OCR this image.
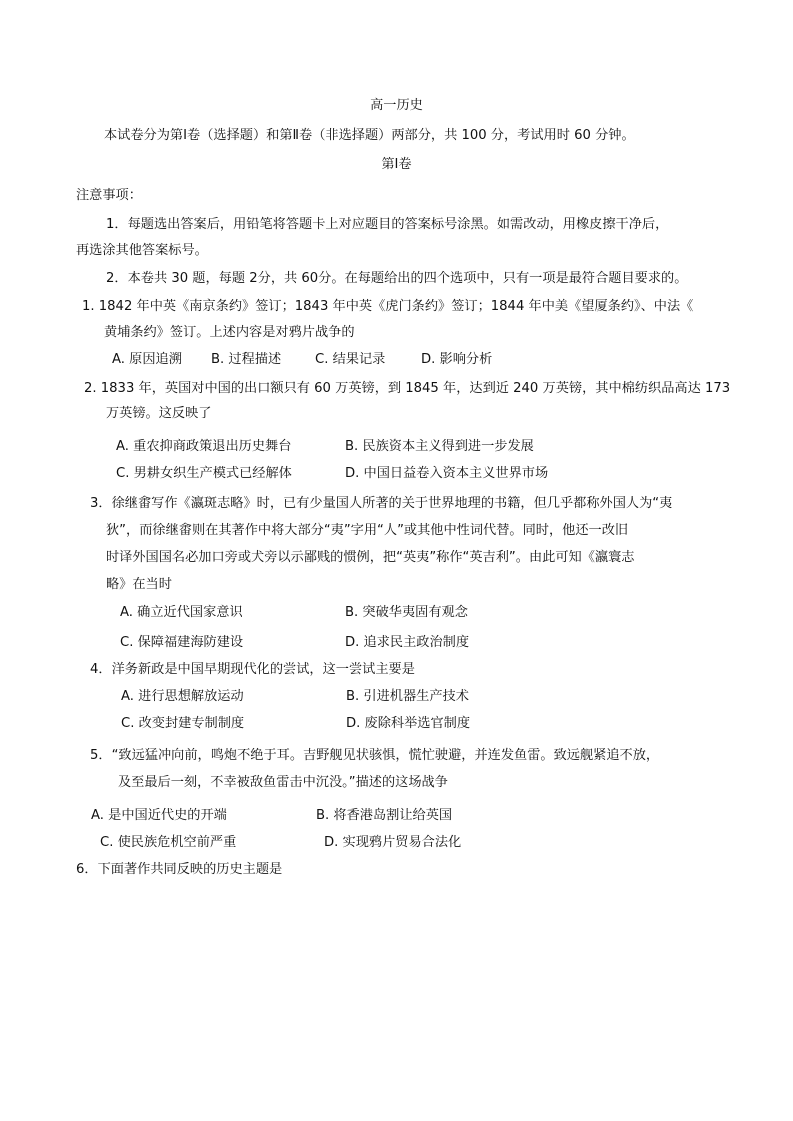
高一历史
本试卷分为第Ⅰ卷（选择题）和第Ⅱ卷（非选择题）两部分，共 100 分，考试用时 60 分钟。
第Ⅰ卷
注意事项：
1．每题选出答案后，用铅笔将答题卡上对应题目的答案标号涂黑。如需改动，用橡皮擦干净后，
再选涂其他答案标号。
2．本卷共 30 题，每题 2分，共 60分。在每题给出的四个选项中，只有一项是最符合题目要求的。
1. 1842 年中英《南京条约》签订；1843 年中英《虎门条约》签订；1844 年中美《望厦条约》、中法《
黄埔条约》签订。上述内容是对鸦片战争的
A. 原因追溯 B. 过程描述	C. 结果记录	D. 影响分析
2. 1833 年，英国对中国的出口额只有 60 万英镑，到 1845 年，达到近 240 万英镑，其中棉纺织品高达 173
万英镑。这反映了
A. 重农抑商政策退出历史舞台	B. 民族资本主义得到进一步发展
C. 男耕女织生产模式已经解体	D. 中国日益卷入资本主义世界市场
3．徐继畬写作《瀛斑志略》时，已有少量国人所著的关于世界地理的书籍，但几乎都称外国人为“夷
狄”，而徐继畬则在其著作中将大部分“夷”字用“人”或其他中性词代替。同时，他还一改旧
时译外国国名必加口旁或犬旁以示鄙贱的惯例，把“英夷”称作“英吉利”。由此可知《瀛寰志
略》在当时
A. 确立近代国家意识	B. 突破华夷固有观念
C. 保障福建海防建设	D. 追求民主政治制度
4．洋务新政是中国早期现代化的尝试，这一尝试主要是
A. 进行思想解放运动	B. 引进机器生产技术
C. 改变封建专制制度	D. 废除科举选官制度
5．“致远猛冲向前，鸣炮不绝于耳。吉野舰见状骇惧，慌忙驶避，并连发鱼雷。致远舰紧追不放，
及至最后一刻，不幸被敌鱼雷击中沉没。”描述的这场战争
A. 是中国近代史的开端	B. 将香港岛割让给英国
C. 使民族危机空前严重	D. 实现鸦片贸易合法化
6．下面著作共同反映的历史主题是
